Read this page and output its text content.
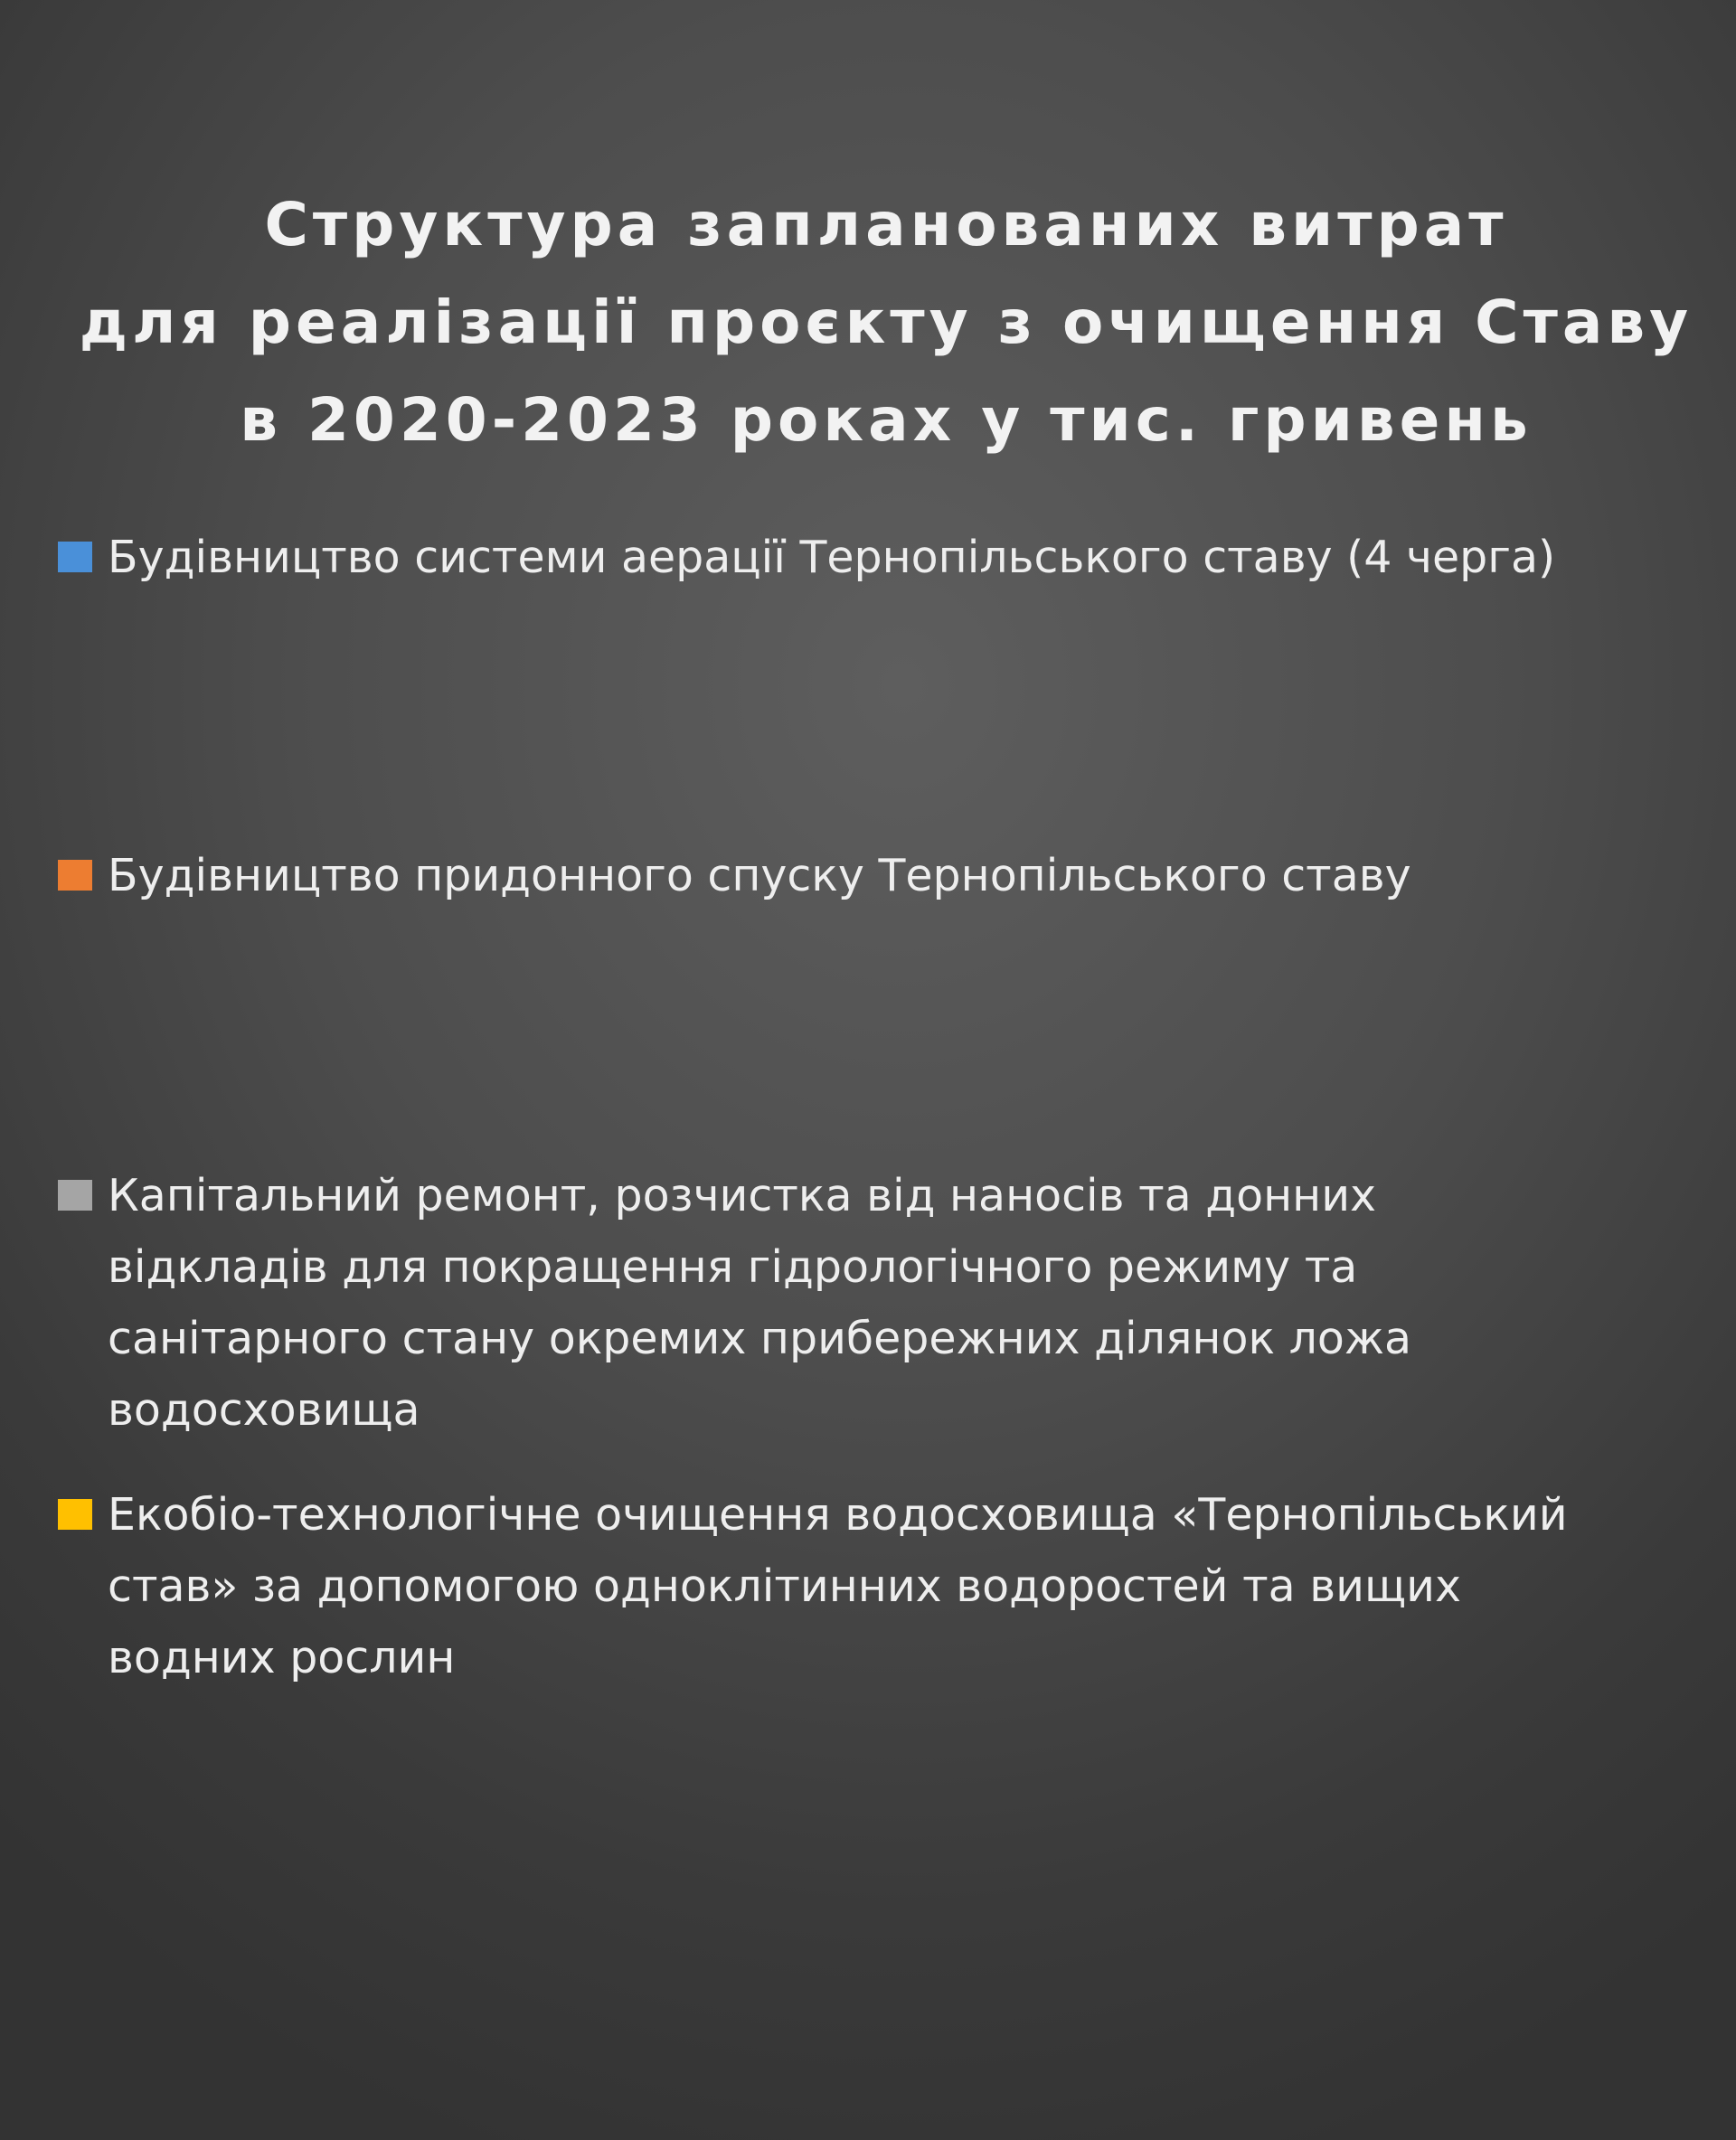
Структура запланованих витрат
для реалізації проєкту з очищення Ставу
в 2020-2023 роках у тис. гривень
Будівництво системи аерації Тернопільського ставу (4 черга)
Будівництво придонного спуску Тернопільського ставу
Капітальний ремонт, розчистка від наносів та донних
відкладів для покращення гідрологічного режиму та
санітарного стану окремих прибережних ділянок ложа
водосховища
Екобіо-технологічне очищення водосховища «Тернопільський
став» за допомогою одноклітинних водоростей та вищих
водних рослин
